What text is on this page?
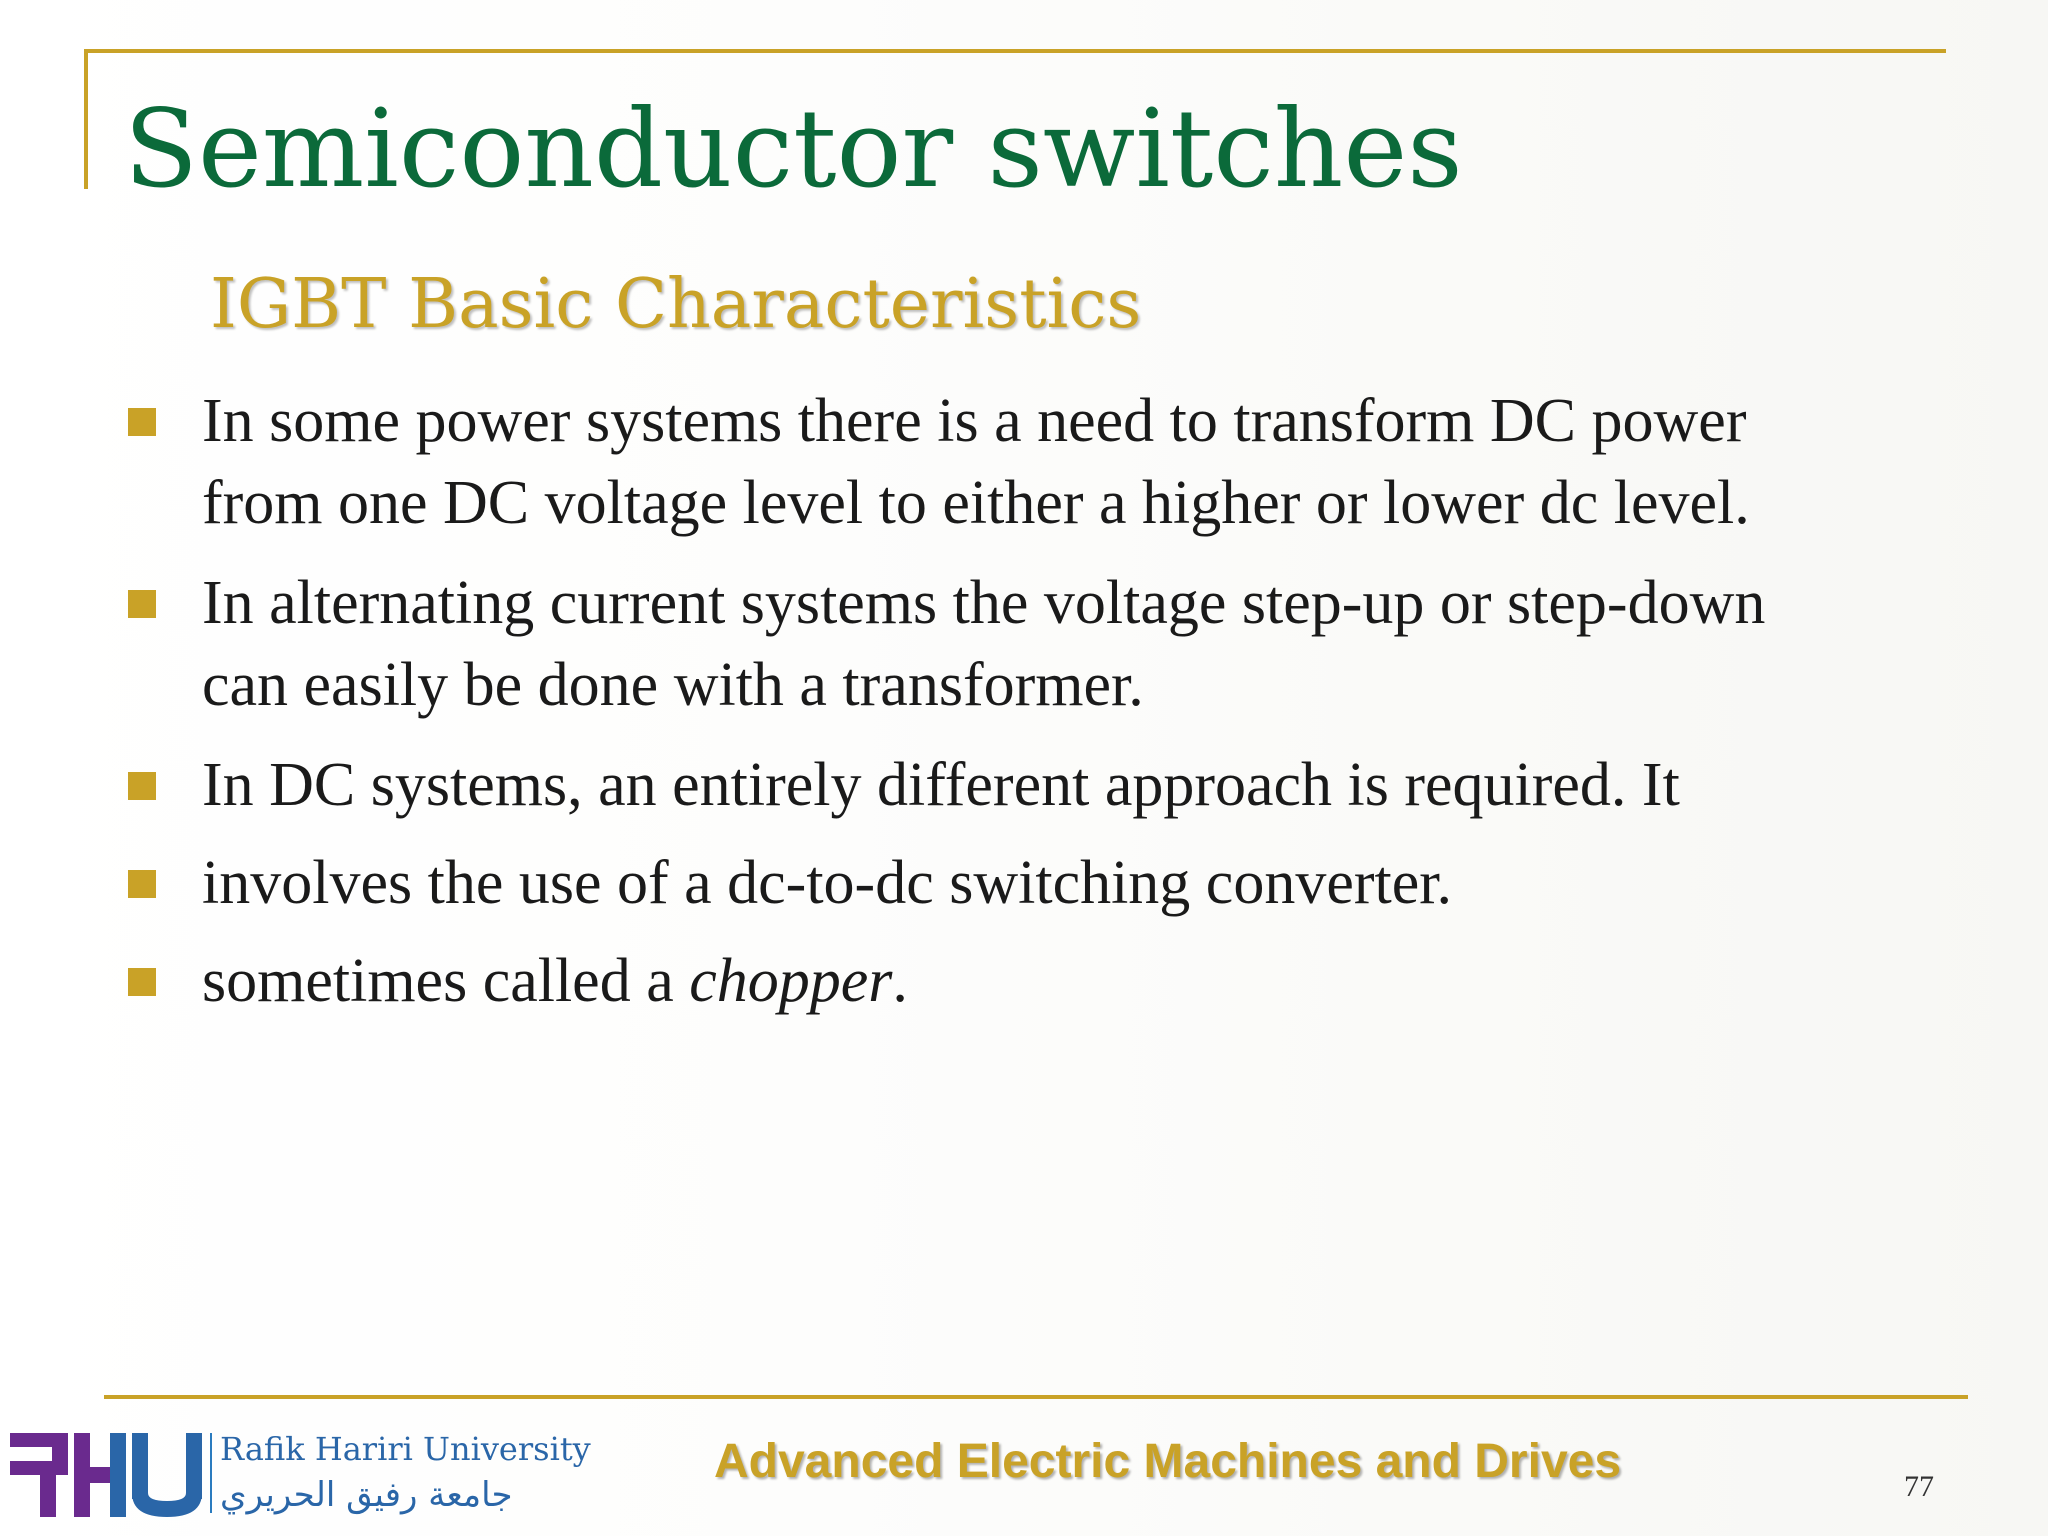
Semiconductor switches
IGBT Basic Characteristics
In some power systems there is a need to transform DC power
from one DC voltage level to either a higher or lower dc level.
In alternating current systems the voltage step-up or step-down
can easily be done with a transformer.
In DC systems, an entirely different approach is required. It
involves the use of a dc-to-dc switching converter.
sometimes called a chopper.
Rafik Hariri University
جامعة رفيق الحريري
Advanced Electric Machines and Drives	77
